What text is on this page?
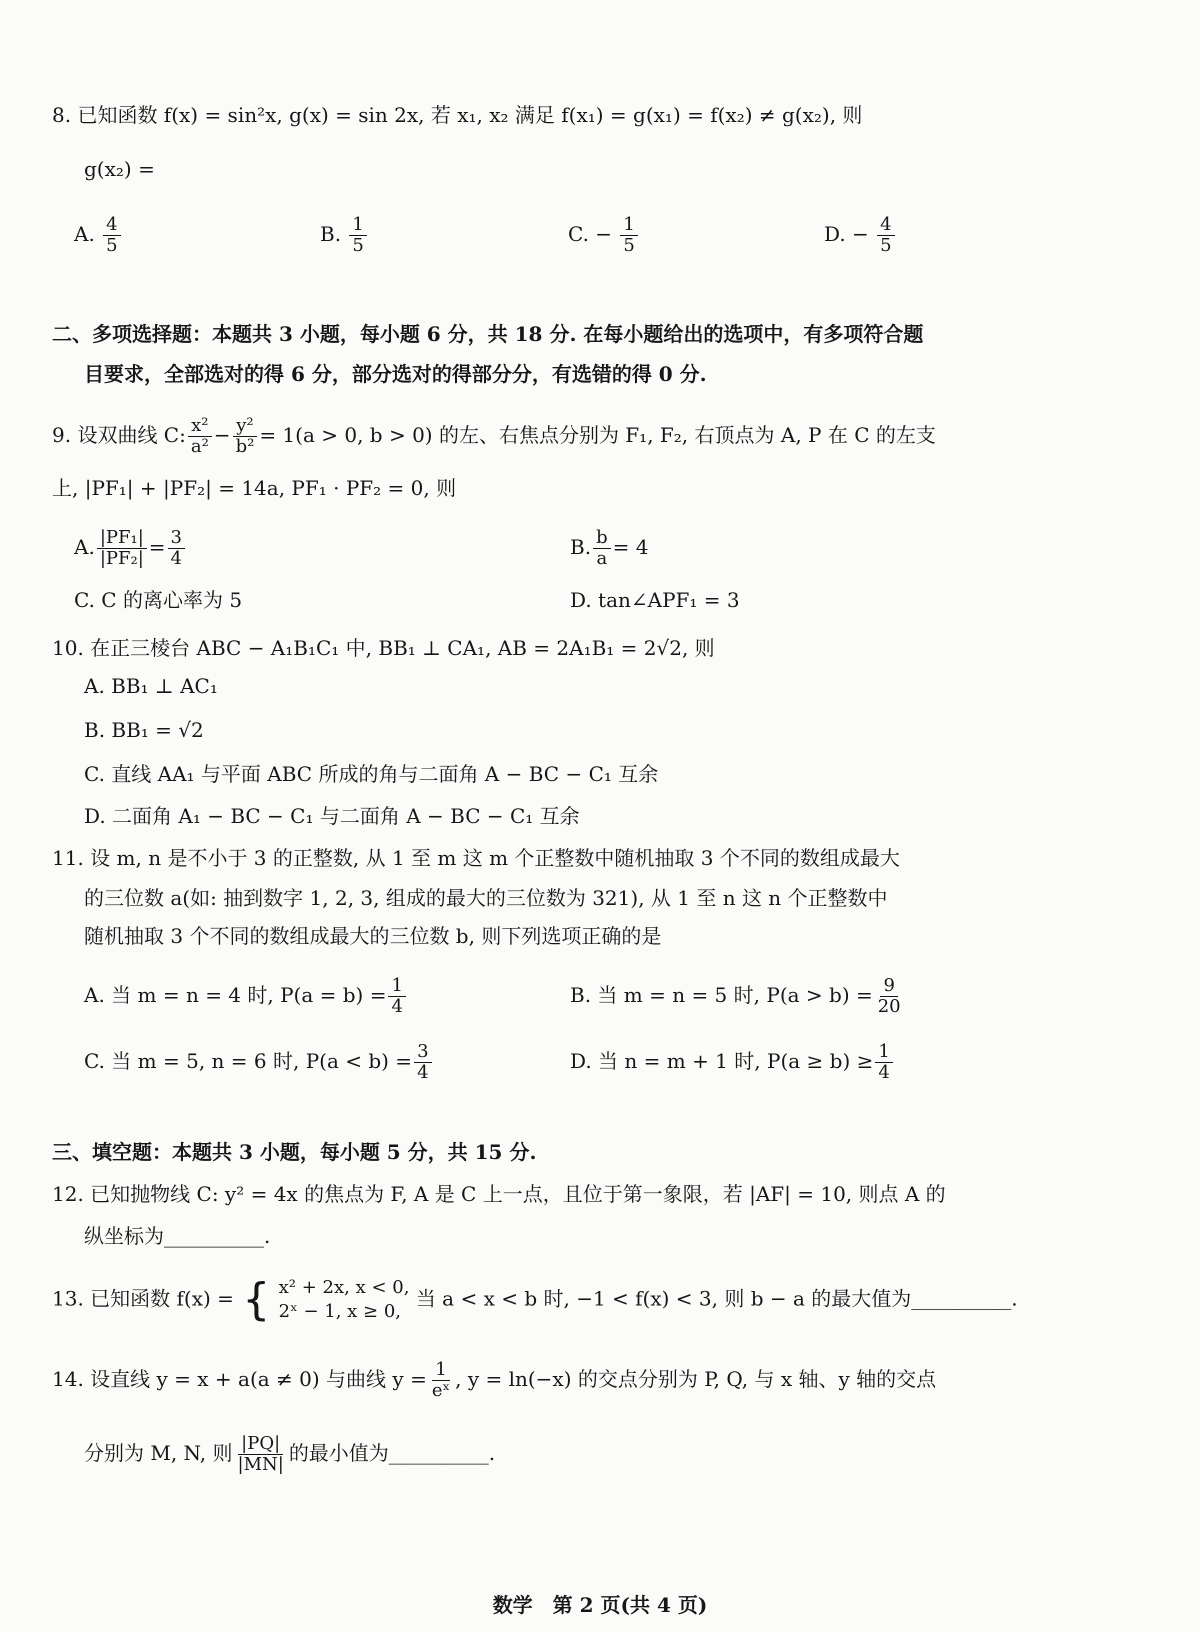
8. 已知函数 f(x) = sin²x, g(x) = sin 2x, 若 x₁, x₂ 满足 f(x₁) = g(x₁) = f(x₂) ≠ g(x₂), 则
g(x₂) =
A. $\frac{4}{5}$	B. $\frac{1}{5}$	C. − $\frac{1}{5}$	D. − $\frac{4}{5}$
二、多项选择题：本题共 3 小题，每小题 6 分，共 18 分. 在每小题给出的选项中，有多项符合题
目要求，全部选对的得 6 分，部分选对的得部分分，有选错的得 0 分.
9. 设双曲线 C: $\frac{\text{x²}}{\text{a²}} - \frac{\text{y²}}{\text{b²}} = 1(a > 0$, b > 0) 的左、右焦点分别为 F₁, F₂, 右顶点为 A, P 在 C 的左支
上, |PF₁| + |PF₂| = 14a, PF₁ · PF₂ = 0, 则
A. $\frac{\text{|PF₁|}}{\text{|PF₂|}} = \frac{3}{4}$	B. $\frac{b}{a} = 4$
C. C 的离心率为 5	D. tan∠APF₁ = 3
10. 在正三棱台 ABC − A₁B₁C₁ 中, BB₁ ⊥ CA₁, AB = 2A₁B₁ = 2√2, 则
A. BB₁ ⊥ AC₁
B. BB₁ = √2
C. 直线 AA₁ 与平面 ABC 所成的角与二面角 A − BC − C₁ 互余
D. 二面角 A₁ − BC − C₁ 与二面角 A − BC − C₁ 互余
11. 设 m, n 是不小于 3 的正整数, 从 1 至 m 这 m 个正整数中随机抽取 3 个不同的数组成最大
的三位数 a(如: 抽到数字 1, 2, 3, 组成的最大的三位数为 321), 从 1 至 n 这 n 个正整数中
随机抽取 3 个不同的数组成最大的三位数 b, 则下列选项正确的是
A. 当 m = n = 4 时, $P(a = b) = \frac{1}{4}$	B. 当 m = n = 5 时, $P(a > b) = \frac{9}{20}$
C. 当 m = 5, n = 6 时, $P(a < b) = \frac{3}{4}$	D. 当 n = m + 1 时, $P(a \ge b) \ge \frac{1}{4}$
三、填空题：本题共 3 小题，每小题 5 分，共 15 分.
12. 已知抛物线 C: y² = 4x 的焦点为 F, A 是 C 上一点，且位于第一象限，若 |AF| = 10, 则点 A 的
纵坐标为__________.
13. 已知函数 f(x) = { x² + 2x, x < 0,
2ˣ − 1, x ≥ 0,
当 a < x < b 时, −1 < f(x) < 3, 则 b − a 的最大值为__________.
14. 设直线 y = x + a(a ≠ 0) 与曲线 $y = \frac{1}{\text{eˣ}}$ , y = ln(−x) 的交点分别为 P, Q, 与 x 轴、y 轴的交点
分别为 M, N, 则 $\frac{|PQ|}{|MN|}$ 的最小值为__________.
数学　第 2 页(共 4 页)
